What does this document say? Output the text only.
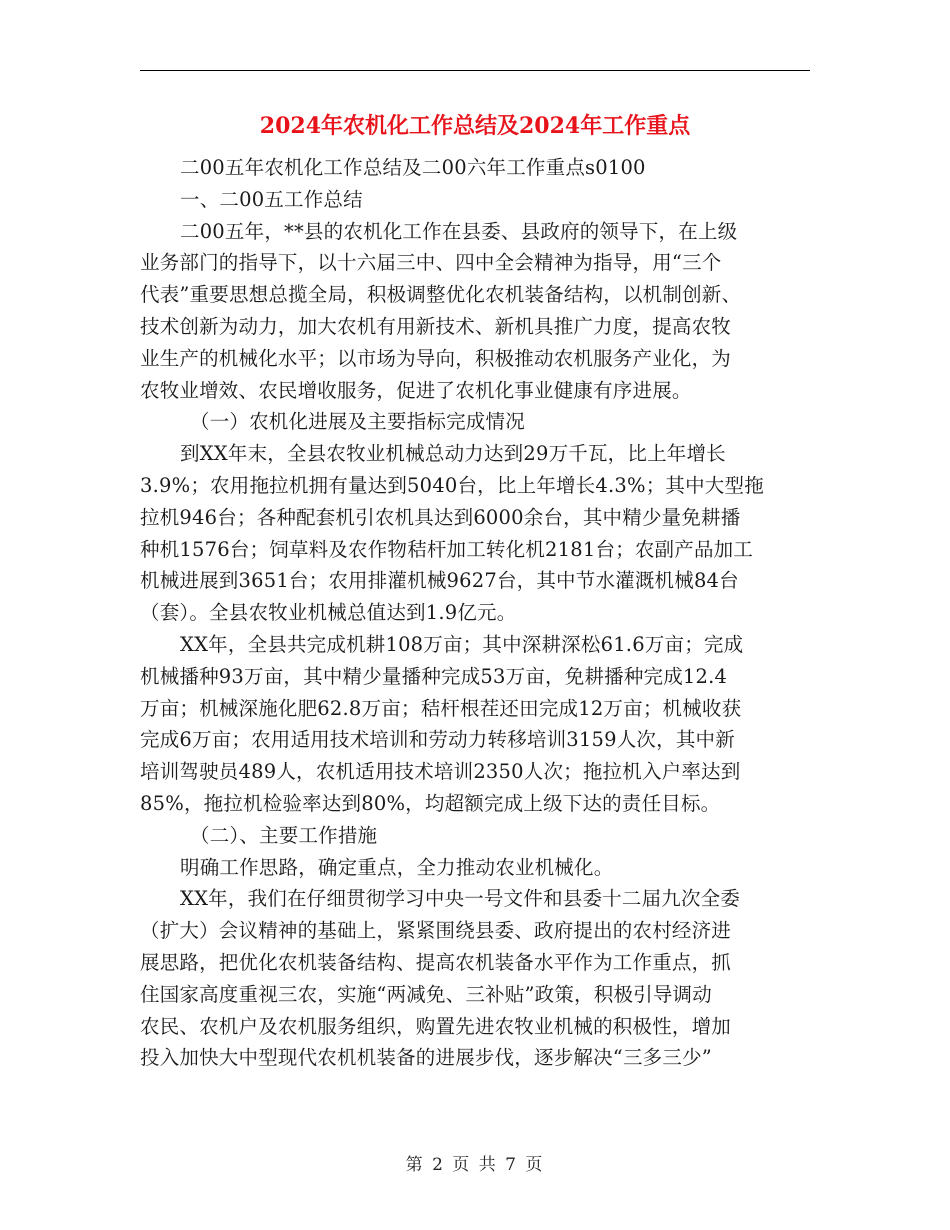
2024年农机化工作总结及2024年工作重点
二00五年农机化工作总结及二00六年工作重点s0100
一、二00五工作总结
二00五年，**县的农机化工作在县委、县政府的领导下，在上级
业务部门的指导下，以十六届三中、四中全会精神为指导，用“三个
代表”重要思想总揽全局，积极调整优化农机装备结构，以机制创新、
技术创新为动力，加大农机有用新技术、新机具推广力度，提高农牧
业生产的机械化水平；以市场为导向，积极推动农机服务产业化，为
农牧业增效、农民增收服务，促进了农机化事业健康有序进展。
（一）农机化进展及主要指标完成情况
到XX年末，全县农牧业机械总动力达到29万千瓦，比上年增长
3.9%；农用拖拉机拥有量达到5040台，比上年增长4.3%；其中大型拖
拉机946台；各种配套机引农机具达到6000余台，其中精少量免耕播
种机1576台；饲草料及农作物秸杆加工转化机2181台；农副产品加工
机械进展到3651台；农用排灌机械9627台，其中节水灌溉机械84台
（套）。全县农牧业机械总值达到1.9亿元。
XX年，全县共完成机耕108万亩；其中深耕深松61.6万亩；完成
机械播种93万亩，其中精少量播种完成53万亩，免耕播种完成12.4
万亩；机械深施化肥62.8万亩；秸杆根茬还田完成12万亩；机械收获
完成6万亩；农用适用技术培训和劳动力转移培训3159人次，其中新
培训驾驶员489人，农机适用技术培训2350人次；拖拉机入户率达到
85%，拖拉机检验率达到80%，均超额完成上级下达的责任目标。
（二）、主要工作措施
明确工作思路，确定重点，全力推动农业机械化。
XX年，我们在仔细贯彻学习中央一号文件和县委十二届九次全委
（扩大）会议精神的基础上，紧紧围绕县委、政府提出的农村经济进
展思路，把优化农机装备结构、提高农机装备水平作为工作重点，抓
住国家高度重视三农，实施“两减免、三补贴”政策，积极引导调动
农民、农机户及农机服务组织，购置先进农牧业机械的积极性，增加
投入加快大中型现代农机机装备的进展步伐，逐步解决“三多三少”
第 2 页 共 7 页
